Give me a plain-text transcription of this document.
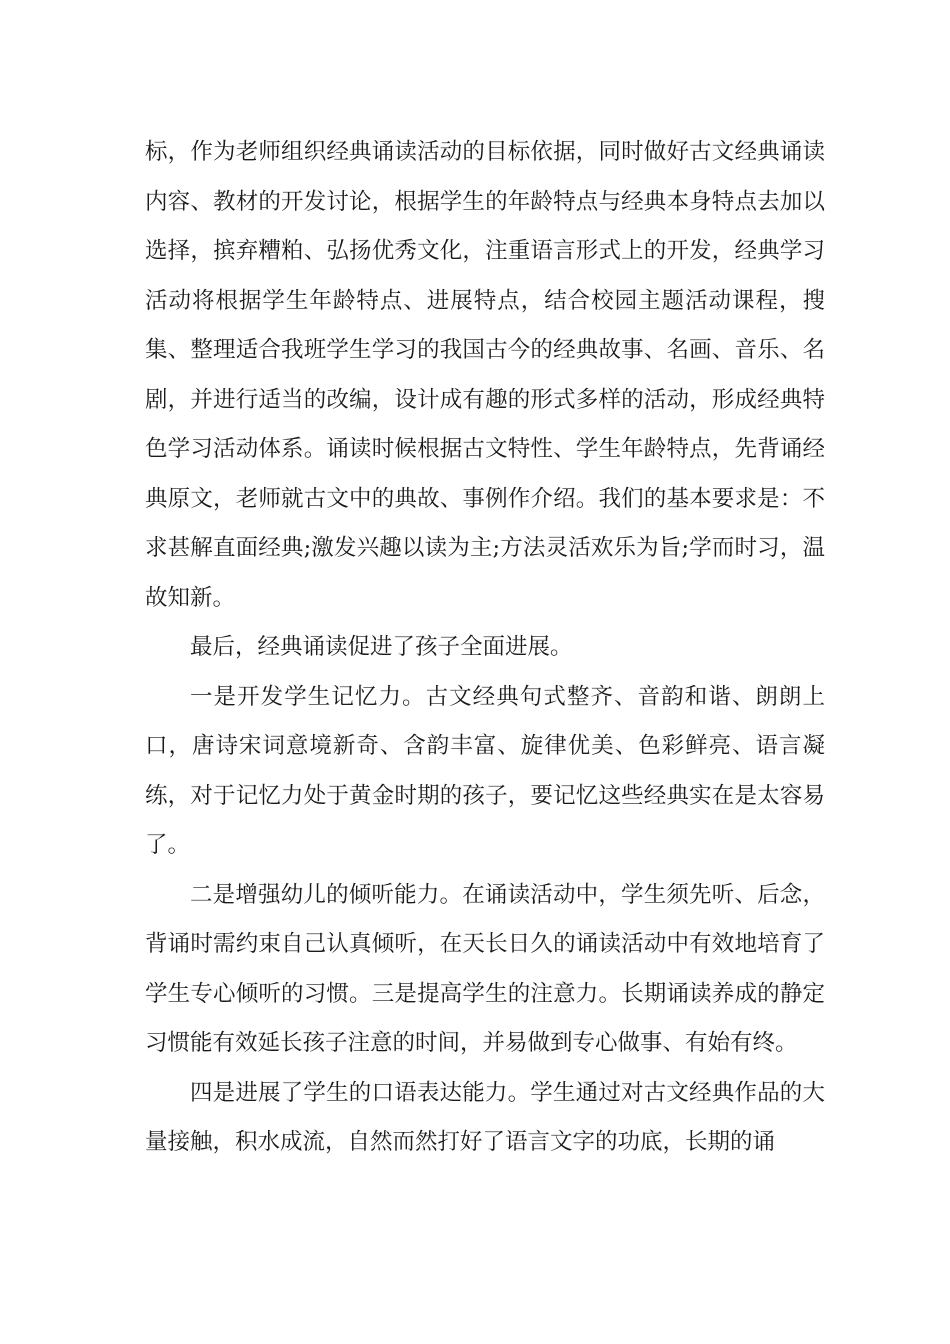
标，作为老师组织经典诵读活动的目标依据，同时做好古文经典诵读内容、教材的开发讨论，根据学生的年龄特点与经典本身特点去加以选择，摈弃糟粕、弘扬优秀文化，注重语言形式上的开发，经典学习活动将根据学生年龄特点、进展特点，结合校园主题活动课程，搜集、整理适合我班学生学习的我国古今的经典故事、名画、音乐、名剧，并进行适当的改编，设计成有趣的形式多样的活动，形成经典特色学习活动体系。诵读时候根据古文特性、学生年龄特点，先背诵经典原文，老师就古文中的典故、事例作介绍。我们的基本要求是：不求甚解直面经典;激发兴趣以读为主;方法灵活欢乐为旨;学而时习，温故知新。

最后，经典诵读促进了孩子全面进展。

一是开发学生记忆力。古文经典句式整齐、音韵和谐、朗朗上口，唐诗宋词意境新奇、含韵丰富、旋律优美、色彩鲜亮、语言凝练，对于记忆力处于黄金时期的孩子，要记忆这些经典实在是太容易了。

二是增强幼儿的倾听能力。在诵读活动中，学生须先听、后念，背诵时需约束自己认真倾听，在天长日久的诵读活动中有效地培育了学生专心倾听的习惯。三是提高学生的注意力。长期诵读养成的静定习惯能有效延长孩子注意的时间，并易做到专心做事、有始有终。

四是进展了学生的口语表达能力。学生通过对古文经典作品的大量接触，积水成流，自然而然打好了语言文字的功底，长期的诵
